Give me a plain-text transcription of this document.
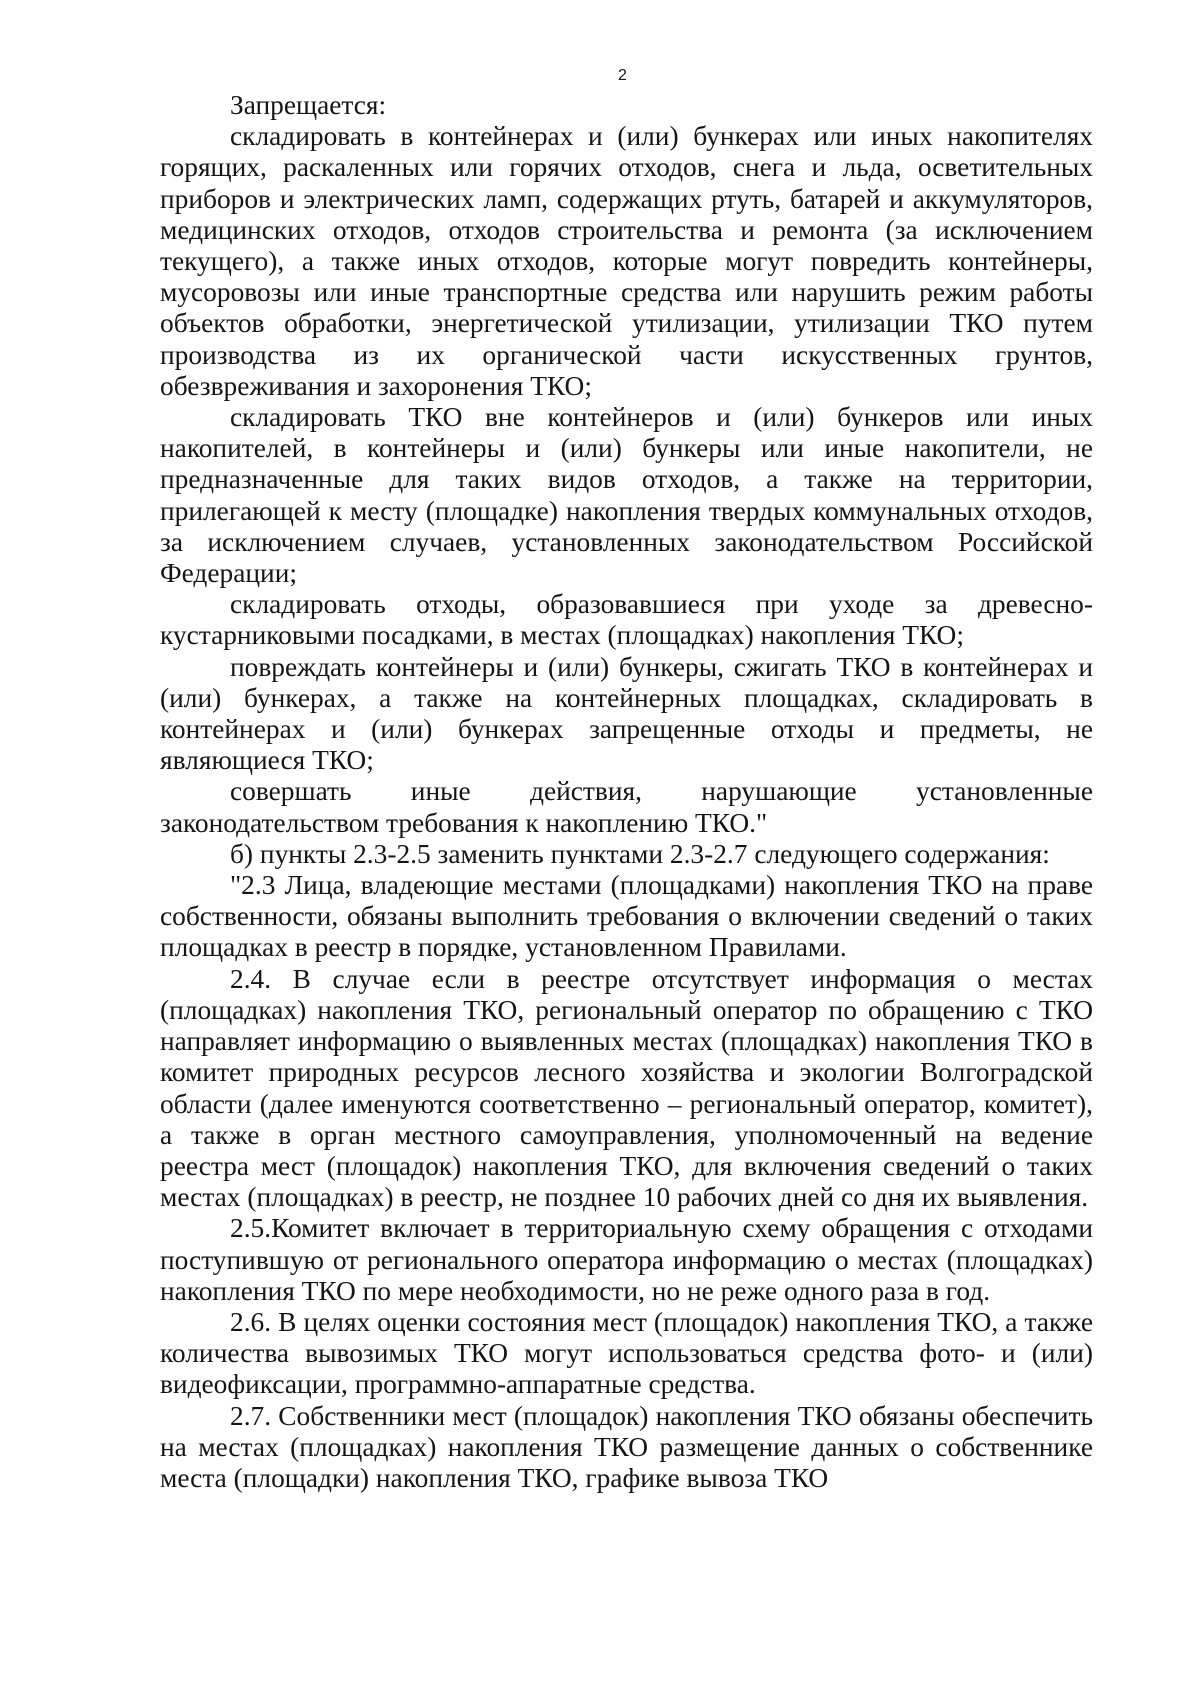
2

Запрещается:

складировать в контейнерах и (или) бункерах или иных накопителях горящих, раскаленных или горячих отходов, снега и льда, осветительных приборов и электрических ламп, содержащих ртуть, батарей и аккумуляторов, медицинских отходов, отходов строительства и ремонта (за исключением текущего), а также иных отходов, которые могут повредить контейнеры, мусоровозы или иные транспортные средства или нарушить режим работы объектов обработки, энергетической утилизации, утилизации ТКО путем производства из их органической части искусственных грунтов, обезвреживания и захоронения ТКО;

складировать ТКО вне контейнеров и (или) бункеров или иных накопителей, в контейнеры и (или) бункеры или иные накопители, не предназначенные для таких видов отходов, а также на территории, прилегающей к месту (площадке) накопления твердых коммунальных отходов, за исключением случаев, установленных законодательством Российской Федерации;

складировать отходы, образовавшиеся при уходе за древесно-кустарниковыми посадками, в местах (площадках) накопления ТКО;

повреждать контейнеры и (или) бункеры, сжигать ТКО в контейнерах и (или) бункерах, а также на контейнерных площадках, складировать в контейнерах и (или) бункерах запрещенные отходы и предметы, не являющиеся ТКО;

совершать иные действия, нарушающие установленные законодательством требования к накоплению ТКО."

б) пункты 2.3-2.5 заменить пунктами 2.3-2.7 следующего содержания:

"2.3 Лица, владеющие местами (площадками) накопления ТКО на праве собственности, обязаны выполнить требования о включении сведений о таких площадках в реестр в порядке, установленном Правилами.

2.4. В случае если в реестре отсутствует информация о местах (площадках) накопления ТКО, региональный оператор по обращению с ТКО направляет информацию о выявленных местах (площадках) накопления ТКО в комитет природных ресурсов лесного хозяйства и экологии Волгоградской области (далее именуются соответственно – региональный оператор, комитет), а также в орган местного самоуправления, уполномоченный на ведение реестра мест (площадок) накопления ТКО, для включения сведений о таких местах (площадках) в реестр, не позднее 10 рабочих дней со дня их выявления.

2.5.Комитет включает в территориальную схему обращения с отходами поступившую от регионального оператора информацию о местах (площадках) накопления ТКО по мере необходимости, но не реже одного раза в год.

2.6. В целях оценки состояния мест (площадок) накопления ТКО, а также количества вывозимых ТКО могут использоваться средства фото- и (или) видеофиксации, программно-аппаратные средства.

2.7. Собственники мест (площадок) накопления ТКО обязаны обеспечить на местах (площадках) накопления ТКО размещение данных о собственнике места (площадки) накопления ТКО, графике вывоза ТКО
